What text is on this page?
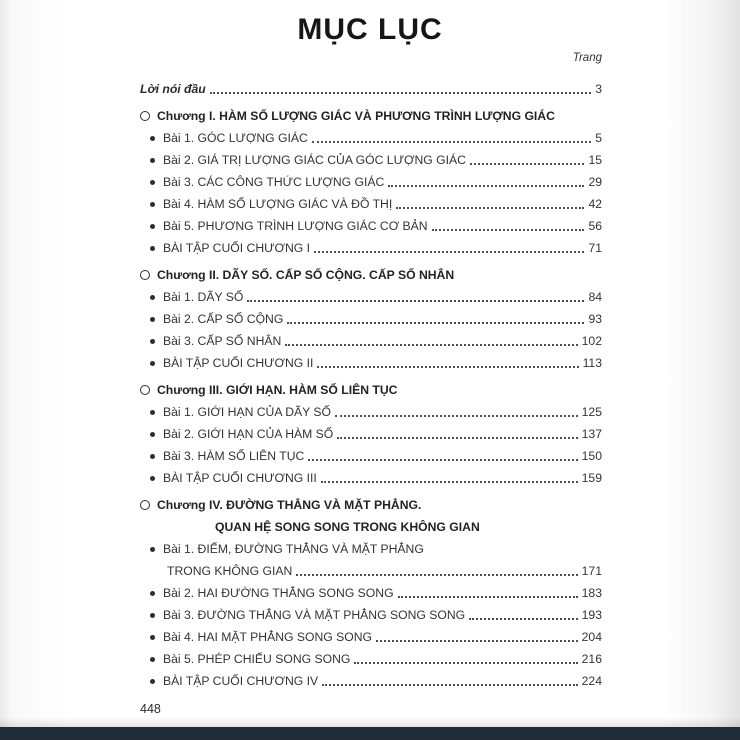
MỤC LỤC
Trang
Lời nói đầu	3
Chương I. HÀM SỐ LƯỢNG GIÁC VÀ PHƯƠNG TRÌNH LƯỢNG GIÁC
Bài 1. GÓC LƯỢNG GIÁC	5
Bài 2. GIÁ TRỊ LƯỢNG GIÁC CỦA GÓC LƯỢNG GIÁC	15
Bài 3. CÁC CÔNG THỨC LƯỢNG GIÁC	29
Bài 4. HÀM SỐ LƯỢNG GIÁC VÀ ĐỒ THỊ	42
Bài 5. PHƯƠNG TRÌNH LƯỢNG GIÁC CƠ BẢN	56
BÀI TẬP CUỐI CHƯƠNG I	71
Chương II. DÃY SỐ. CẤP SỐ CỘNG. CẤP SỐ NHÂN
Bài 1. DÃY SỐ	84
Bài 2. CẤP SỐ CỘNG	93
Bài 3. CẤP SỐ NHÂN	102
BÀI TẬP CUỐI CHƯƠNG II	113
Chương III. GIỚI HẠN. HÀM SỐ LIÊN TỤC
Bài 1. GIỚI HẠN CỦA DÃY SỐ	125
Bài 2. GIỚI HẠN CỦA HÀM SỐ	137
Bài 3. HÀM SỐ LIÊN TỤC	150
BÀI TẬP CUỐI CHƯƠNG III	159
Chương IV. ĐƯỜNG THẲNG VÀ MẶT PHẲNG.
QUAN HỆ SONG SONG TRONG KHÔNG GIAN
Bài 1. ĐIỂM, ĐƯỜNG THẲNG VÀ MẶT PHẲNG
TRONG KHÔNG GIAN	171
Bài 2. HAI ĐƯỜNG THẲNG SONG SONG	183
Bài 3. ĐƯỜNG THẲNG VÀ MẶT PHẲNG SONG SONG	193
Bài 4. HAI MẶT PHẲNG SONG SONG	204
Bài 5. PHÉP CHIẾU SONG SONG	216
BÀI TẬP CUỐI CHƯƠNG IV	224
448
